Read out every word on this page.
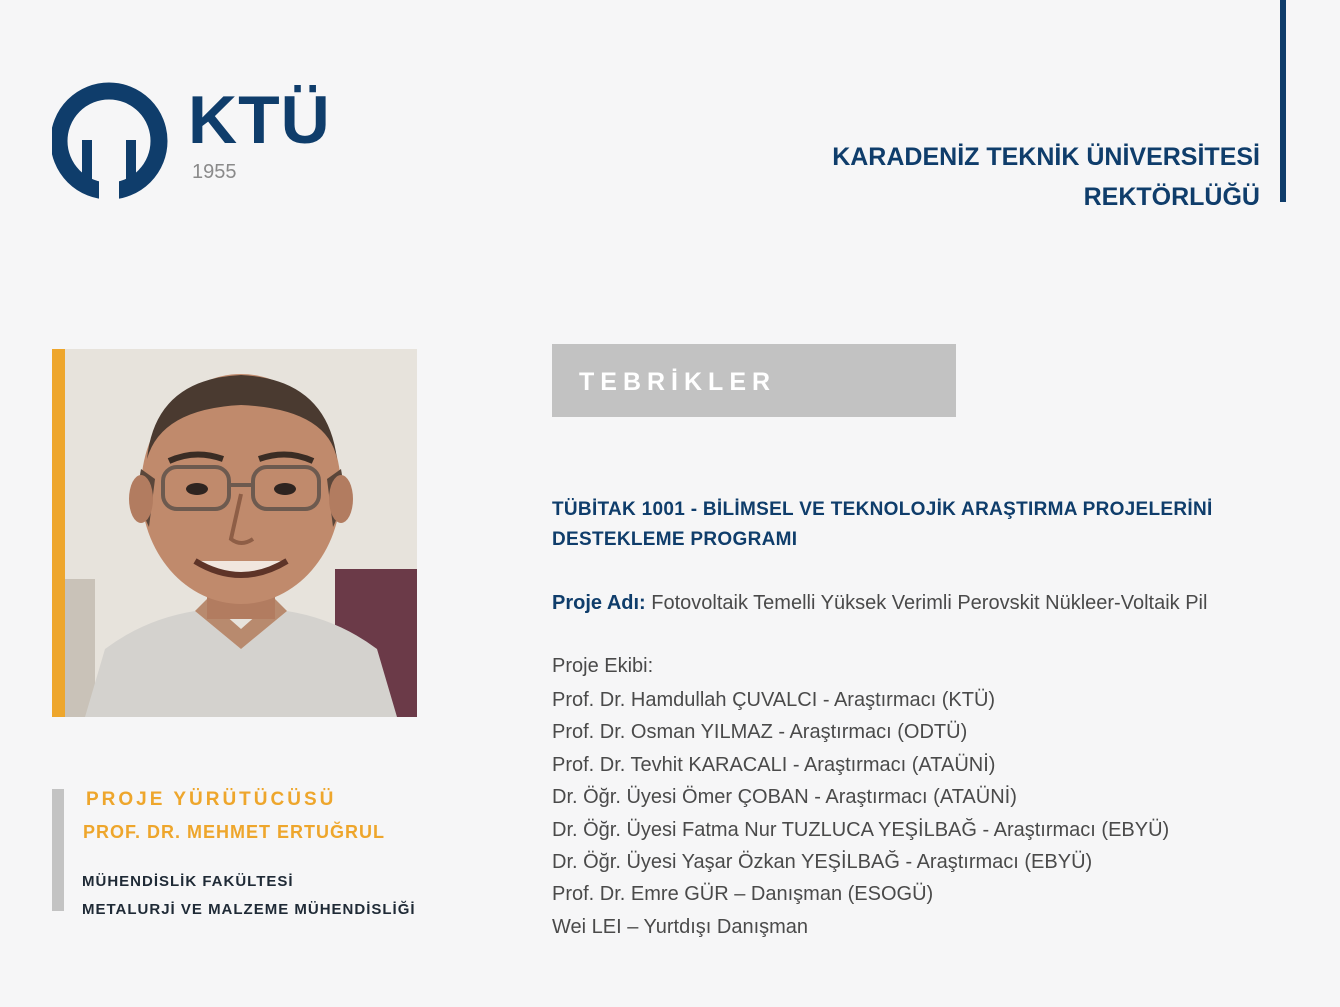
KTÜ
1955
KARADENİZ TEKNİK ÜNİVERSİTESİ
REKTÖRLÜĞÜ
PROJE YÜRÜTÜCÜSÜ
PROF. DR. MEHMET ERTUĞRUL
MÜHENDİSLİK FAKÜLTESİ
METALURJİ VE MALZEME MÜHENDİSLİĞİ
TEBRİKLER
TÜBİTAK 1001 - BİLİMSEL VE TEKNOLOJİK ARAŞTIRMA PROJELERİNİ
DESTEKLEME PROGRAMI
Proje Adı: Fotovoltaik Temelli Yüksek Verimli Perovskit Nükleer-Voltaik Pil
Proje Ekibi:
Prof. Dr. Hamdullah ÇUVALCI - Araştırmacı (KTÜ)
Prof. Dr. Osman YILMAZ - Araştırmacı (ODTÜ)
Prof. Dr. Tevhit KARACALI - Araştırmacı (ATAÜNİ)
Dr. Öğr. Üyesi Ömer ÇOBAN - Araştırmacı (ATAÜNİ)
Dr. Öğr. Üyesi Fatma Nur TUZLUCA YEŞİLBAĞ - Araştırmacı (EBYÜ)
Dr. Öğr. Üyesi Yaşar Özkan YEŞİLBAĞ - Araştırmacı (EBYÜ)
Prof. Dr. Emre GÜR – Danışman (ESOGÜ)
Wei LEI – Yurtdışı Danışman
